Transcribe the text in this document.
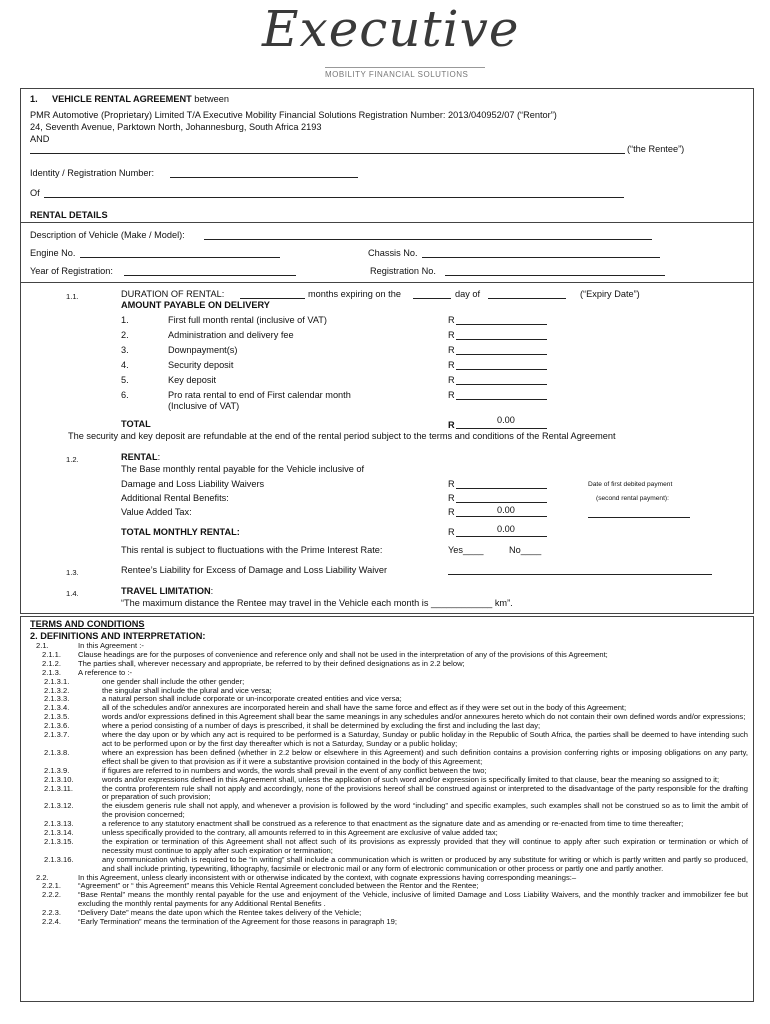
Executive
MOBILITY FINANCIAL SOLUTIONS
1. VEHICLE RENTAL AGREEMENT between
PMR Automotive (Proprietary) Limited T/A Executive Mobility Financial Solutions Registration Number: 2013/040952/07 (“Rentor”)
24, Seventh Avenue, Parktown North, Johannesburg, South Africa 2193
AND
(“the Rentee”)
Identity / Registration Number:
Of
RENTAL DETAILS
Description of Vehicle (Make / Model):
Engine No.	Chassis No.
Year of Registration:	Registration No.
1.1.	DURATION OF RENTAL:	months expiring on the	day of	(“Expiry Date”)
AMOUNT PAYABLE ON DELIVERY
1.	First full month rental (inclusive of VAT)	R
2.	Administration and delivery fee	R
3.	Downpayment(s)	R
4.	Security deposit	R
5.	Key deposit	R
6.	Pro rata rental to end of First calendar month	R
(Inclusive of VAT)
TOTAL	R	0.00
The security and key deposit are refundable at the end of the rental period subject to the terms and conditions of the Rental Agreement
1.2.	RENTAL:
The Base monthly rental payable for the Vehicle inclusive of
Damage and Loss Liability Waivers	R
Additional Rental Benefits:	R
Value Added Tax:	R	0.00
TOTAL MONTHLY RENTAL:	R	0.00
Date of first debited payment
(second rental payment):
This rental is subject to fluctuations with the Prime Interest Rate:	Yes____	No____
1.3.	Rentee’s Liability for Excess of Damage and Loss Liability Waiver
1.4.	TRAVEL LIMITATION:
“The maximum distance the Rentee may travel in the Vehicle each month is ____________ km”.
TERMS AND CONDITIONS
2. DEFINITIONS AND INTERPRETATION:
2.1.	In this Agreement :-
2.1.1. Clause headings are for the purposes of convenience and reference only and shall not be used in the interpretation of any of the provisions of this Agreement;
2.1.2. The parties shall, wherever necessary and appropriate, be referred to by their defined designations as in 2.2 below;
2.1.3. A reference to :-
2.1.3.1.	one gender shall include the other gender;
2.1.3.2.	the singular shall include the plural and vice versa;
2.1.3.3.	a natural person shall include corporate or un-incorporate created entities and vice versa;
2.1.3.4.	all of the schedules and/or annexures are incorporated herein and shall have the same force and effect as if they were set out in the body of this Agreement;
2.1.3.5.	words and/or expressions defined in this Agreement shall bear the same meanings in any schedules and/or annexures hereto which do not contain their own defined words and/or expressions;
2.1.3.6.	where a period consisting of a number of days is prescribed, it shall be determined by excluding the first and including the last day;
2.1.3.7.	where the day upon or by which any act is required to be performed is a Saturday, Sunday or public holiday in the Republic of South Africa, the parties shall be deemed to have intending such act to be performed upon or by the first day thereafter which is not a Saturday, Sunday or a public holiday;
2.1.3.8.	where an expression has been defined (whether in 2.2 below or elsewhere in this Agreement) and such definition contains a provision conferring rights or imposing obligations on any party, effect shall be given to that provision as if it were a substantive provision contained in the body of this Agreement;
2.1.3.9.	if figures are referred to in numbers and words, the words shall prevail in the event of any conflict between the two;
2.1.3.10.	words and/or expressions defined in this Agreement shall, unless the application of such word and/or expression is specifically limited to that clause, bear the meaning so assigned to it;
2.1.3.11.	the contra proferentem rule shall not apply and accordingly, none of the provisions hereof shall be construed against or interpreted to the disadvantage of the party responsible for the drafting or preparation of such provision;
2.1.3.12.	the eiusdem generis rule shall not apply, and whenever a provision is followed by the word “including” and specific examples, such examples shall not be construed so as to limit the ambit of the provision concerned;
2.1.3.13.	a reference to any statutory enactment shall be construed as a reference to that enactment as the signature date and as amending or re-enacted from time to time thereafter;
2.1.3.14.	unless specifically provided to the contrary, all amounts referred to in this Agreement are exclusive of value added tax;
2.1.3.15.	the expiration or termination of this Agreement shall not affect such of its provisions as expressly provided that they will continue to apply after such expiration or termination or which of necessity must continue to apply after such expiration or termination;
2.1.3.16.	any communication which is required to be “in writing” shall include a communication which is written or produced by any substitute for writing or which is partly written and partly so produced, and shall include printing, typewriting, lithography, facsimile or electronic mail or any form of electronic communication or other process or partly one and partly another.
2.2.	In this Agreement, unless clearly inconsistent with or otherwise indicated by the context, with cognate expressions having corresponding meanings:–
2.2.1. “Agreement” or “ this Agreement” means this Vehicle Rental Agreement concluded between the Rentor and the Rentee;
2.2.2. “Base Rental” means the monthly rental payable for the use and enjoyment of the Vehicle, inclusive of limited Damage and Loss Liability Waivers, and the monthly tracker and immobilizer fee but excluding the monthly rental payments for any Additional Rental Benefits .
2.2.3. “Delivery Date” means the date upon which the Rentee takes delivery of the Vehicle;
2.2.4. “Early Termination” means the termination of the Agreement for those reasons in paragraph 19;
